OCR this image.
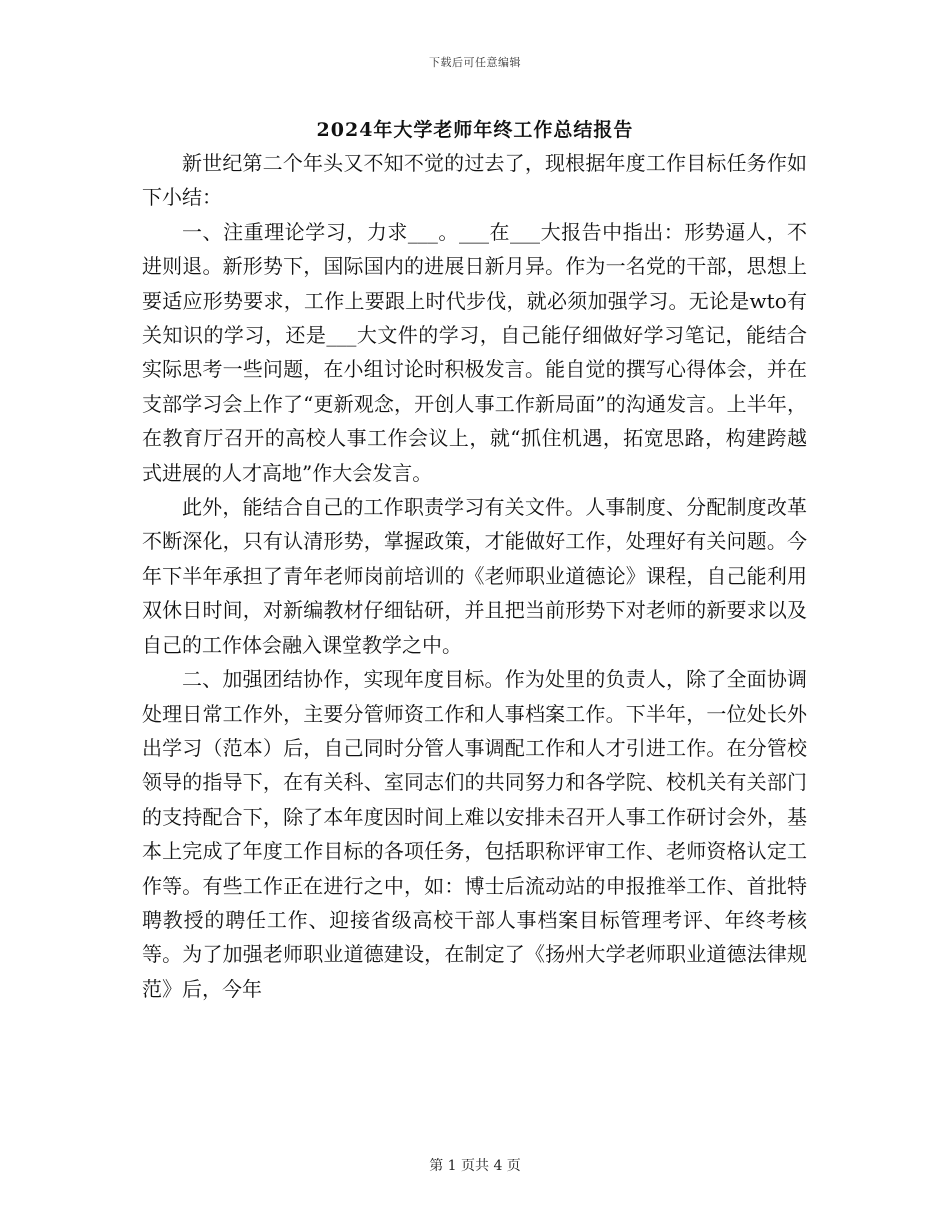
下载后可任意编辑
2024年大学老师年终工作总结报告

新世纪第二个年头又不知不觉的过去了，现根据年度工作目标任务作如下小结：

一、注重理论学习，力求___。___在___大报告中指出：形势逼人，不进则退。新形势下，国际国内的进展日新月异。作为一名党的干部，思想上要适应形势要求，工作上要跟上时代步伐，就必须加强学习。无论是wto有关知识的学习，还是___大文件的学习，自己能仔细做好学习笔记，能结合实际思考一些问题，在小组讨论时积极发言。能自觉的撰写心得体会，并在支部学习会上作了“更新观念，开创人事工作新局面”的沟通发言。上半年，在教育厅召开的高校人事工作会议上，就“抓住机遇，拓宽思路，构建跨越式进展的人才高地”作大会发言。

此外，能结合自己的工作职责学习有关文件。人事制度、分配制度改革不断深化，只有认清形势，掌握政策，才能做好工作，处理好有关问题。今年下半年承担了青年老师岗前培训的《老师职业道德论》课程，自己能利用双休日时间，对新编教材仔细钻研，并且把当前形势下对老师的新要求以及自己的工作体会融入课堂教学之中。

二、加强团结协作，实现年度目标。作为处里的负责人，除了全面协调处理日常工作外，主要分管师资工作和人事档案工作。下半年，一位处长外出学习（范本）后，自己同时分管人事调配工作和人才引进工作。在分管校领导的指导下，在有关科、室同志们的共同努力和各学院、校机关有关部门的支持配合下，除了本年度因时间上难以安排未召开人事工作研讨会外，基本上完成了年度工作目标的各项任务，包括职称评审工作、老师资格认定工作等。有些工作正在进行之中，如：博士后流动站的申报推举工作、首批特聘教授的聘任工作、迎接省级高校干部人事档案目标管理考评、年终考核等。为了加强老师职业道德建设，在制定了《扬州大学老师职业道德法律规范》后，今年

第 1 页共 4 页
